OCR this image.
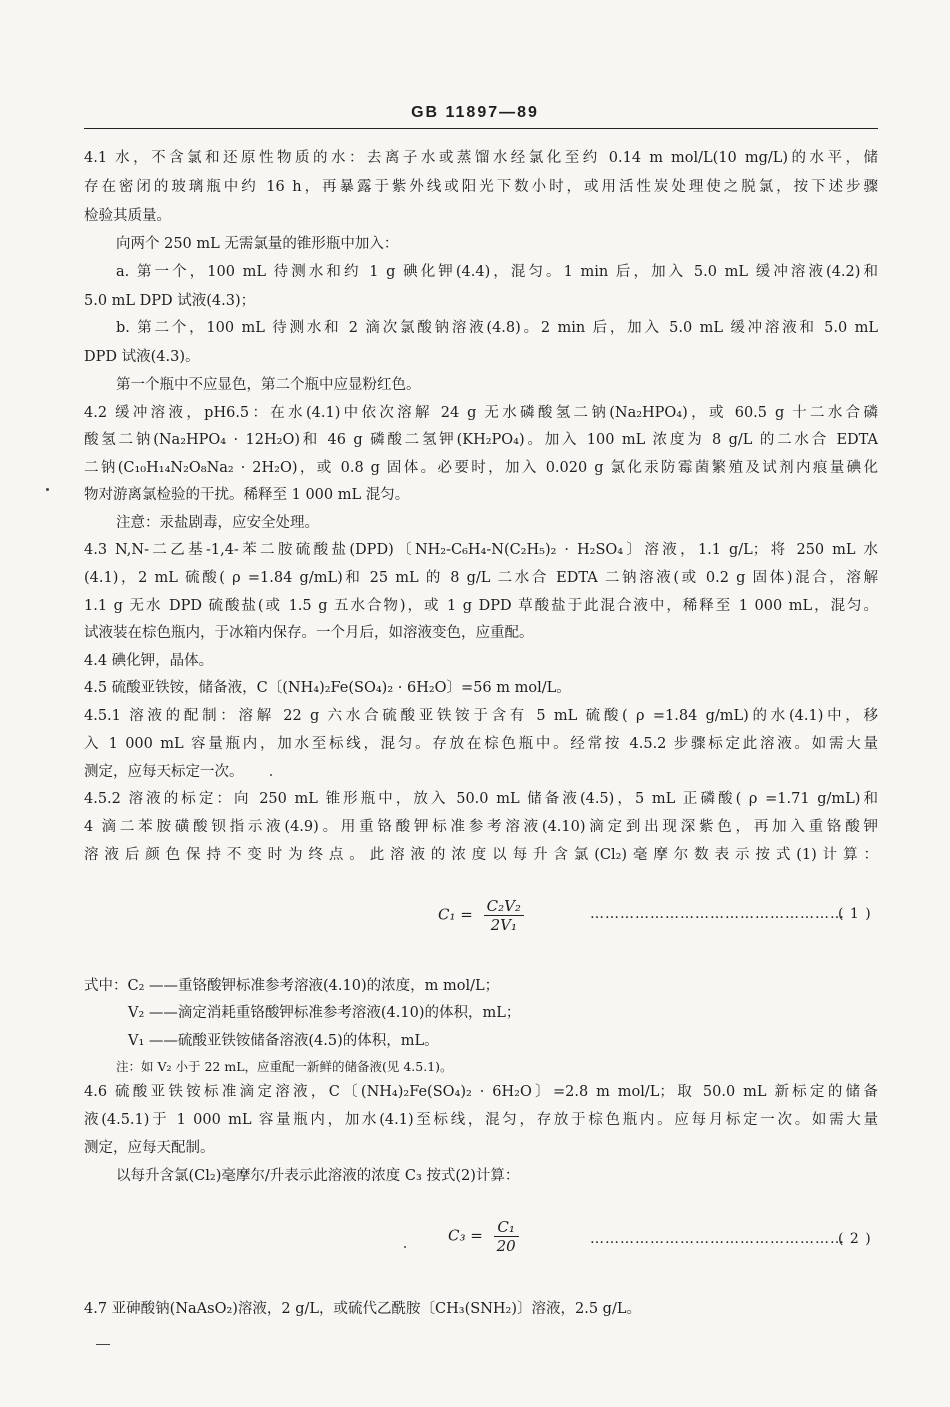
GB 11897—89
4.1 水，不含氯和还原性物质的水：去离子水或蒸馏水经氯化至约 0.14 m mol/L(10 mg/L)的水平，储
存在密闭的玻璃瓶中约 16 h，再暴露于紫外线或阳光下数小时，或用活性炭处理使之脱氯，按下述步骤
检验其质量。
向两个 250 mL 无需氯量的锥形瓶中加入：
a. 第一个，100 mL 待测水和约 1 g 碘化钾(4.4)，混匀。1 min 后，加入 5.0 mL 缓冲溶液(4.2)和
5.0 mL DPD 试液(4.3)；
b. 第二个，100 mL 待测水和 2 滴次氯酸钠溶液(4.8)。2 min 后，加入 5.0 mL 缓冲溶液和 5.0 mL
DPD 试液(4.3)。
第一个瓶中不应显色，第二个瓶中应显粉红色。
4.2 缓冲溶液，pH6.5：在水(4.1)中依次溶解 24 g 无水磷酸氢二钠(Na₂HPO₄)，或 60.5 g 十二水合磷
酸氢二钠(Na₂HPO₄ · 12H₂O)和 46 g 磷酸二氢钾(KH₂PO₄)。加入 100 mL 浓度为 8 g/L 的二水合 EDTA
二钠(C₁₀H₁₄N₂O₈Na₂ · 2H₂O)，或 0.8 g 固体。必要时，加入 0.020 g 氯化汞防霉菌繁殖及试剂内痕量碘化
物对游离氯检验的干扰。稀释至 1 000 mL 混匀。
注意：汞盐剧毒，应安全处理。
4.3 N,N-二乙基-1,4-苯二胺硫酸盐(DPD)〔NH₂-C₆H₄-N(C₂H₅)₂ · H₂SO₄〕溶液，1.1 g/L；将 250 mL 水
(4.1)，2 mL 硫酸( ρ =1.84 g/mL)和 25 mL 的 8 g/L 二水合 EDTA 二钠溶液(或 0.2 g 固体)混合，溶解
1.1 g 无水 DPD 硫酸盐(或 1.5 g 五水合物)，或 1 g DPD 草酸盐于此混合液中，稀释至 1 000 mL，混匀。
试液装在棕色瓶内，于冰箱内保存。一个月后，如溶液变色，应重配。
4.4 碘化钾，晶体。
4.5 硫酸亚铁铵，储备液，C〔(NH₄)₂Fe(SO₄)₂ · 6H₂O〕=56 m mol/L。
4.5.1 溶液的配制：溶解 22 g 六水合硫酸亚铁铵于含有 5 mL 硫酸( ρ =1.84 g/mL)的水(4.1)中，移
入 1 000 mL 容量瓶内，加水至标线，混匀。存放在棕色瓶中。经常按 4.5.2 步骤标定此溶液。如需大量
测定，应每天标定一次。
4.5.2 溶液的标定：向 250 mL 锥形瓶中，放入 50.0 mL 储备液(4.5)，5 mL 正磷酸( ρ =1.71 g/mL)和
4 滴二苯胺磺酸钡指示液(4.9)。用重铬酸钾标准参考溶液(4.10)滴定到出现深紫色，再加入重铬酸钾
溶液后颜色保持不变时为终点。此溶液的浓度以每升含氯(Cl₂)毫摩尔数表示按式(1)计算：
$C_1 = \frac{\text{C₂V₂}}{\text{2V₁}}$	……………………………………………
( 1 )
式中：C₂ ——重铬酸钾标准参考溶液(4.10)的浓度，m mol/L；
V₂ ——滴定消耗重铬酸钾标准参考溶液(4.10)的体积，mL；
V₁ ——硫酸亚铁铵储备溶液(4.5)的体积，mL。
注：如 V₂ 小于 22 mL，应重配一新鲜的储备液(见 4.5.1)。
4.6 硫酸亚铁铵标准滴定溶液，C〔(NH₄)₂Fe(SO₄)₂ · 6H₂O〕=2.8 m mol/L；取 50.0 mL 新标定的储备
液(4.5.1)于 1 000 mL 容量瓶内，加水(4.1)至标线，混匀，存放于棕色瓶内。应每月标定一次。如需大量
测定，应每天配制。
以每升含氯(Cl₂)毫摩尔/升表示此溶液的浓度 C₃ 按式(2)计算：
$C_3 = \frac{\text{C₁}}{20}$	……………………………………………
( 2 )
4.7 亚砷酸钠(NaAsO₂)溶液，2 g/L，或硫代乙酰胺〔CH₃(SNH₂)〕溶液，2.5 g/L。
